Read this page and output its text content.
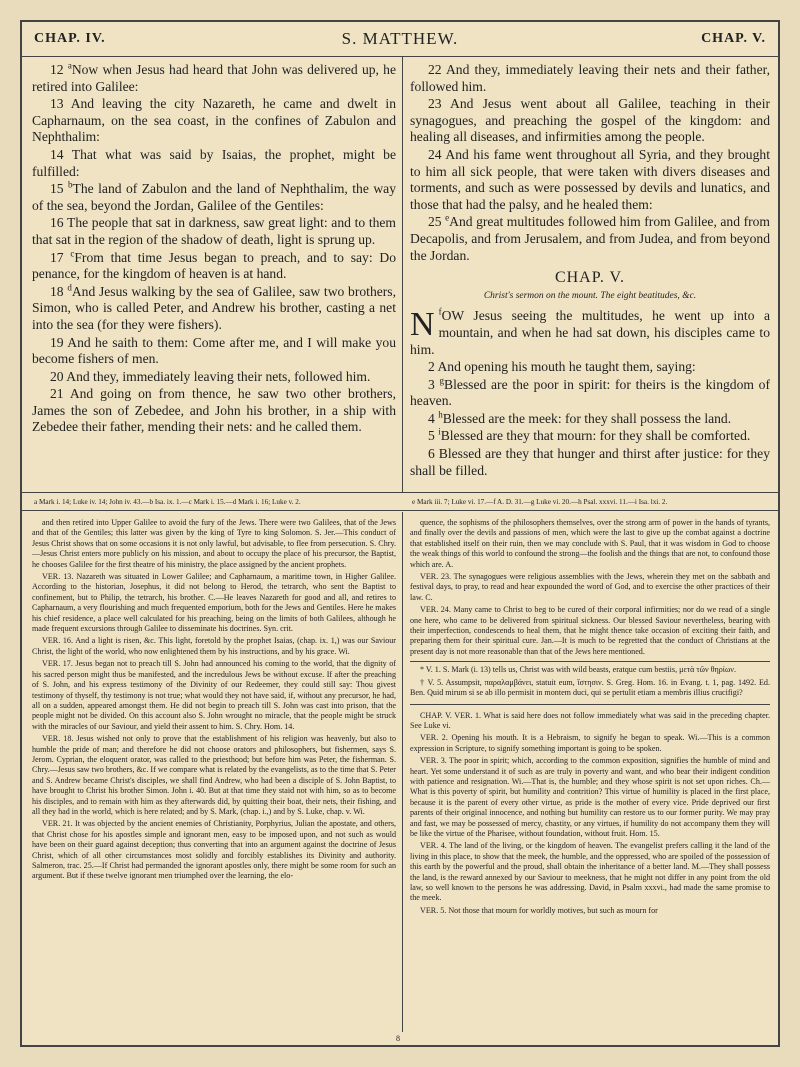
CHAP. IV.	S. MATTHEW.	CHAP. V.

12 $^a$Now when Jesus had heard that John was delivered up, he retired into Galilee:

13 And leaving the city Nazareth, he came and dwelt in Capharnaum, on the sea coast, in the confines of Zabulon and Nephthalim:

14 That what was said by Isaias, the prophet, might be fulfilled:

15 $^b$The land of Zabulon and the land of Nephthalim, the way of the sea, beyond the Jordan, Galilee of the Gentiles:

16 The people that sat in darkness, saw great light: and to them that sat in the region of the shadow of death, light is sprung up.

17 $^c$From that time Jesus began to preach, and to say: Do penance, for the kingdom of heaven is at hand.

18 $^d$And Jesus walking by the sea of Galilee, saw two brothers, Simon, who is called Peter, and Andrew his brother, casting a net into the sea (for they were fishers).

19 And he saith to them: Come after me, and I will make you become fishers of men.

20 And they, immediately leaving their nets, followed him.

21 And going on from thence, he saw two other brothers, James the son of Zebedee, and John his brother, in a ship with Zebedee their father, mending their nets: and he called them.

22 And they, immediately leaving their nets and their father, followed him.

23 And Jesus went about all Galilee, teaching in their synagogues, and preaching the gospel of the kingdom: and healing all diseases, and infirmities among the people.

24 And his fame went throughout all Syria, and they brought to him all sick people, that were taken with divers diseases and torments, and such as were possessed by devils and lunatics, and those that had the palsy, and he healed them:

25 $^e$And great multitudes followed him from Galilee, and from Decapolis, and from Jerusalem, and from Judea, and from beyond the Jordan.

CHAP. V.
Christ's sermon on the mount. The eight beatitudes, &c.

N $^f$OW Jesus seeing the multitudes, he went up into a mountain, and when he had sat down, his disciples came to him.

2 And opening his mouth he taught them, saying:

3 $^g$Blessed are the poor in spirit: for theirs is the kingdom of heaven.

4 $^h$Blessed are the meek: for they shall possess the land.

5 $^i$Blessed are they that mourn: for they shall be comforted.

6 Blessed are they that hunger and thirst after justice: for they shall be filled.

a Mark i. 14; Luke iv. 14; John iv. 43.—b Isa. ix. 1.—c Mark i. 15.—d Mark i. 16; Luke v. 2.	e Mark iii. 7; Luke vi. 17.—f A. D. 31.—g Luke vi. 20.—h Psal. xxxvi. 11.—i Isa. lxi. 2.

and then retired into Upper Galilee to avoid the fury of the Jews. There were two Galilees, that of the Jews and that of the Gentiles; this latter was given by the king of Tyre to king Solomon. S. Jer.—This conduct of Jesus Christ shows that on some occasions it is not only lawful, but advisable, to flee from persecution. S. Chry.—Jesus Christ enters more publicly on his mission, and about to occupy the place of his precursor, the Baptist, he chooses Galilee for the first theatre of his ministry, the place assigned by the ancient prophets.

VER. 13. Nazareth was situated in Lower Galilee; and Capharnaum, a maritime town, in Higher Galilee. According to the historian, Josephus, it did not belong to Herod, the tetrarch, who sent the Baptist to confinement, but to Philip, the tetrarch, his brother. C.—He leaves Nazareth for good and all, and retires to Capharnaum, a very flourishing and much frequented emporium, both for the Jews and Gentiles. Here he makes his chief residence, a place well calculated for his preaching, being on the limits of both Galilees, although he made frequent excursions through Galilee to disseminate his doctrines. Syn. crit.

VER. 16. And a light is risen, &c. This light, foretold by the prophet Isaias, (chap. ix. 1,) was our Saviour Christ, the light of the world, who now enlightened them by his instructions, and by his grace. Wi.

VER. 17. Jesus began not to preach till S. John had announced his coming to the world, that the dignity of his sacred person might thus be manifested, and the incredulous Jews be without excuse. If after the preaching of S. John, and his express testimony of the Divinity of our Redeemer, they could still say: Thou givest testimony of thyself, thy testimony is not true; what would they not have said, if, without any precursor, he had, all on a sudden, appeared amongst them. He did not begin to preach till S. John was cast into prison, that the people might not be divided. On this account also S. John wrought no miracle, that the people might be struck with the miracles of our Saviour, and yield their assent to him. S. Chry. Hom. 14.

VER. 18. Jesus wished not only to prove that the establishment of his religion was heavenly, but also to humble the pride of man; and therefore he did not choose orators and philosophers, but fishermen, says S. Jerom. Cyprian, the eloquent orator, was called to the priesthood; but before him was Peter, the fisherman. S. Chry.—Jesus saw two brothers, &c. If we compare what is related by the evangelists, as to the time that S. Peter and S. Andrew became Christ's disciples, we shall find Andrew, who had been a disciple of S. John Baptist, to have brought to Christ his brother Simon. John i. 40. But at that time they staid not with him, so as to become his disciples, and to remain with him as they afterwards did, by quitting their boat, their nets, their fishing, and all they had in the world, which is here related; and by S. Mark, (chap. i.,) and by S. Luke, chap. v. Wi.

VER. 21. It was objected by the ancient enemies of Christianity, Porphyrius, Julian the apostate, and others, that Christ chose for his apostles simple and ignorant men, easy to be imposed upon, and not such as would have been on their guard against deception; thus converting that into an argument against the doctrine of Jesus Christ, which of all other circumstances most solidly and forcibly establishes its Divinity and authority. Salmeron, trac. 25.—If Christ had permanded the ignorant apostles only, there might be some room for such an argument. But if these twelve ignorant men triumphed over the learning, the elo-

quence, the sophisms of the philosophers themselves, over the strong arm of power in the hands of tyrants, and finally over the devils and passions of men, which were the last to give up the combat against a doctrine that established itself on their ruin, then we may conclude with S. Paul, that it was wisdom in God to choose the weak things of this world to confound the strong—the foolish and the things that are not, to confound those which are. A.

VER. 23. The synagogues were religious assemblies with the Jews, wherein they met on the sabbath and festival days, to pray, to read and hear expounded the word of God, and to exercise the other practices of their law. C.

VER. 24. Many came to Christ to beg to be cured of their corporal infirmities; nor do we read of a single one here, who came to be delivered from spiritual sickness. Our blessed Saviour nevertheless, bearing with their imperfection, condescends to heal them, that he might thence take occasion of exciting their faith, and preparing them for their spiritual cure. Jan.—It is much to be regretted that the conduct of Christians at the present day is not more reasonable than that of the Jews here mentioned.

* V. 1. S. Mark (i. 13) tells us, Christ was with wild beasts, eratque cum bestiis, μετὰ τῶν θηρίων.

† V. 5. Assumpsit, παραλαμβάνει, statuit eum, ἵστησιν. S. Greg. Hom. 16. in Evang. t. 1, pag. 1492. Ed. Ben. Quid mirum si se ab illo permisit in montem duci, qui se pertulit etiam a membris illius crucifigi?

CHAP. V. VER. 1. What is said here does not follow immediately what was said in the preceding chapter. See Luke vi.

VER. 2. Opening his mouth. It is a Hebraism, to signify he began to speak. Wi.—This is a common expression in Scripture, to signify something important is going to be spoken.

VER. 3. The poor in spirit; which, according to the common exposition, signifies the humble of mind and heart. Yet some understand it of such as are truly in poverty and want, and who bear their indigent condition with patience and resignation. Wi.—That is, the humble; and they whose spirit is not set upon riches. Ch.—What is this poverty of spirit, but humility and contrition? This virtue of humility is placed in the first place, because it is the parent of every other virtue, as pride is the mother of every vice. Pride deprived our first parents of their original innocence, and nothing but humility can restore us to our former purity. We may pray and fast, we may be possessed of mercy, chastity, or any virtues, if humility do not accompany them they will be like the virtue of the Pharisee, without foundation, without fruit. Hom. 15.

VER. 4. The land of the living, or the kingdom of heaven. The evangelist prefers calling it the land of the living in this place, to show that the meek, the humble, and the oppressed, who are spoiled of the possession of this earth by the powerful and the proud, shall obtain the inheritance of a better land. M.—They shall possess the land, is the reward annexed by our Saviour to meekness, that he might not differ in any point from the old law, so well known to the persons he was addressing. David, in Psalm xxxvi., had made the same promise to the meek.

VER. 5. Not those that mourn for worldly motives, but such as mourn for

8
